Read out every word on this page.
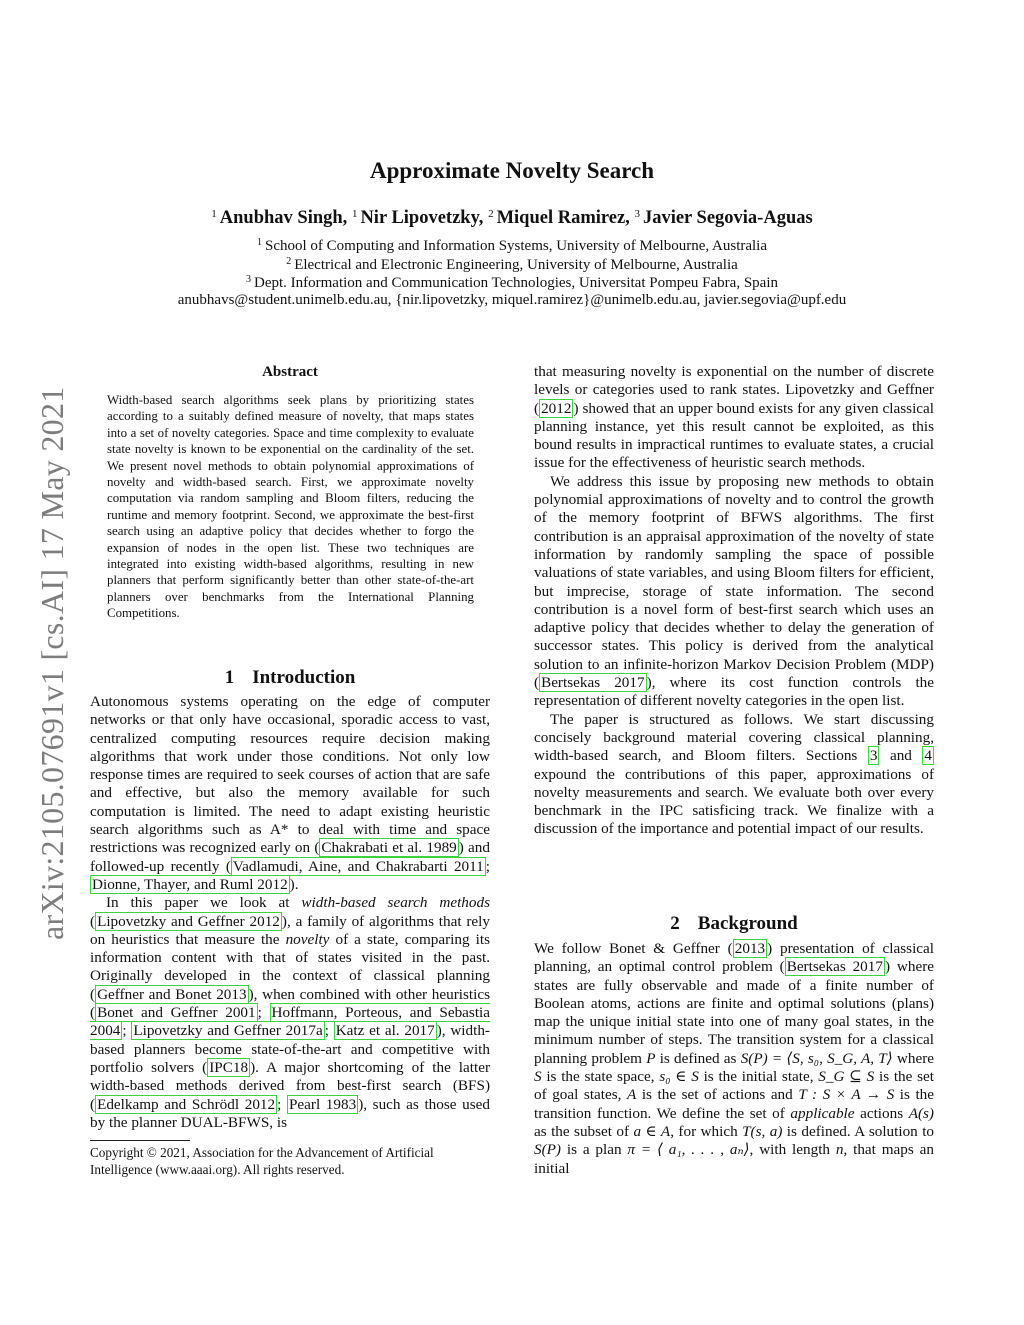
Approximate Novelty Search
$^1$ Anubhav Singh, $^1$ Nir Lipovetzky, $^2$ Miquel Ramirez, $^3$ Javier Segovia-Aguas
$^1$ School of Computing and Information Systems, University of Melbourne, Australia
$^2$ Electrical and Electronic Engineering, University of Melbourne, Australia
$^3$ Dept. Information and Communication Technologies, Universitat Pompeu Fabra, Spain
anubhavs@student.unimelb.edu.au, {nir.lipovetzky, miquel.ramirez}@unimelb.edu.au, javier.segovia@upf.edu
arXiv:2105.07691v1 [cs.AI] 17 May 2021
Abstract
Width-based search algorithms seek plans by prioritizing states according to a suitably defined measure of novelty, that maps states into a set of novelty categories. Space and time complexity to evaluate state novelty is known to be exponential on the cardinality of the set. We present novel methods to obtain polynomial approximations of novelty and width-based search. First, we approximate novelty computation via random sampling and Bloom filters, reducing the runtime and memory footprint. Second, we approximate the best-first search using an adaptive policy that decides whether to forgo the expansion of nodes in the open list. These two techniques are integrated into existing width-based algorithms, resulting in new planners that perform significantly better than other state-of-the-art planners over benchmarks from the International Planning Competitions.
1 Introduction

Autonomous systems operating on the edge of computer networks or that only have occasional, sporadic access to vast, centralized computing resources require decision making algorithms that work under those conditions. Not only low response times are required to seek courses of action that are safe and effective, but also the memory available for such computation is limited. The need to adapt existing heuristic search algorithms such as A* to deal with time and space restrictions was recognized early on ( Chakrabati et al. 1989 ) and followed-up recently ( Vadlamudi, Aine, and Chakrabarti 2011 ; Dionne, Thayer, and Ruml 2012 ).

In this paper we look at width-based search methods ( Lipovetzky and Geffner 2012 ), a family of algorithms that rely on heuristics that measure the novelty of a state, comparing its information content with that of states visited in the past. Originally developed in the context of classical planning ( Geffner and Bonet 2013 ), when combined with other heuristics ( Bonet and Geffner 2001 ; Hoffmann, Porteous, and Sebastia 2004 ; Lipovetzky and Geffner 2017a ; Katz et al. 2017 ), width-based planners become state-of-the-art and competitive with portfolio solvers ( IPC18 ). A major shortcoming of the latter width-based methods derived from best-first search (BFS) ( Edelkamp and Schrödl 2012 ; Pearl 1983 ), such as those used by the planner DUAL-BFWS, is

Copyright © 2021, Association for the Advancement of Artificial Intelligence (www.aaai.org). All rights reserved.

that measuring novelty is exponential on the number of discrete levels or categories used to rank states. Lipovetzky and Geffner ( 2012 ) showed that an upper bound exists for any given classical planning instance, yet this result cannot be exploited, as this bound results in impractical runtimes to evaluate states, a crucial issue for the effectiveness of heuristic search methods.

We address this issue by proposing new methods to obtain polynomial approximations of novelty and to control the growth of the memory footprint of BFWS algorithms. The first contribution is an appraisal approximation of the novelty of state information by randomly sampling the space of possible valuations of state variables, and using Bloom filters for efficient, but imprecise, storage of state information. The second contribution is a novel form of best-first search which uses an adaptive policy that decides whether to delay the generation of successor states. This policy is derived from the analytical solution to an infinite-horizon Markov Decision Problem (MDP) ( Bertsekas 2017 ), where its cost function controls the representation of different novelty categories in the open list.

The paper is structured as follows. We start discussing concisely background material covering classical planning, width-based search, and Bloom filters. Sections 3 and 4 expound the contributions of this paper, approximations of novelty measurements and search. We evaluate both over every benchmark in the IPC satisficing track. We finalize with a discussion of the importance and potential impact of our results.

2 Background

We follow Bonet & Geffner ( 2013 ) presentation of classical planning, an optimal control problem ( Bertsekas 2017 ) where states are fully observable and made of a finite number of Boolean atoms, actions are finite and optimal solutions (plans) map the unique initial state into one of many goal states, in the minimum number of steps. The transition system for a classical planning problem P is defined as S(P) = ⟨S, s₀, S_G, A, T⟩ where S is the state space, s₀ ∈ S is the initial state, S_G ⊆ S is the set of goal states, A is the set of actions and T : S × A → S is the transition function. We define the set of applicable actions A(s) as the subset of a ∈ A, for which T(s, a) is defined. A solution to S(P) is a plan π = ⟨ a₁, . . . , aₙ⟩, with length n, that maps an initial
